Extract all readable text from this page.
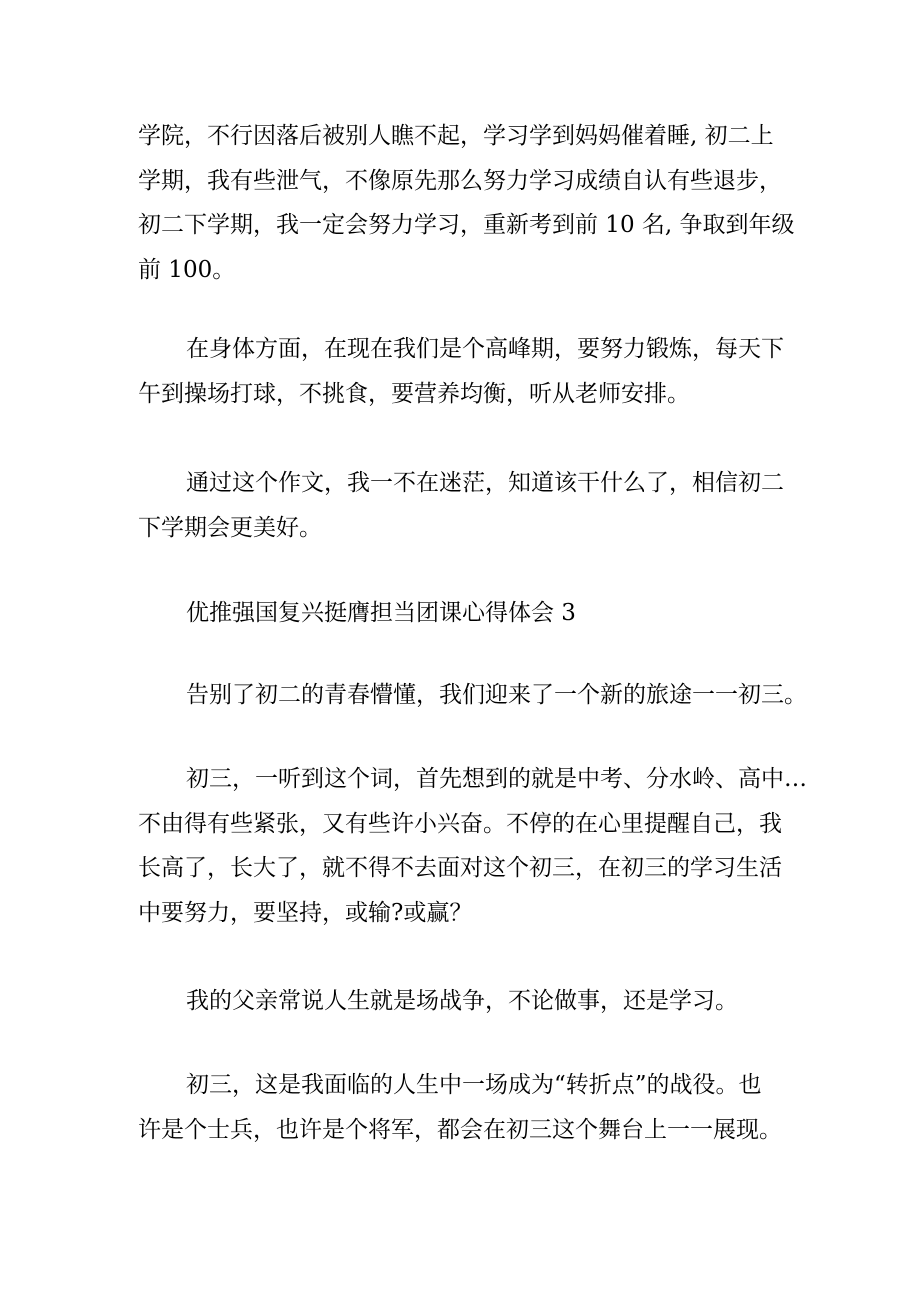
学院，不行因落后被别人瞧不起，学习学到妈妈催着睡, 初二上
学期，我有些泄气，不像原先那么努力学习成绩自认有些退步，
初二下学期，我一定会努力学习，重新考到前 10 名, 争取到年级
前 100。
在身体方面，在现在我们是个高峰期，要努力锻炼，每天下
午到操场打球，不挑食，要营养均衡，听从老师安排。
通过这个作文，我一不在迷茫，知道该干什么了，相信初二
下学期会更美好。
优推强国复兴挺膺担当团课心得体会 3
告别了初二的青春懵懂，我们迎来了一个新的旅途一一初三。
初三，一听到这个词，首先想到的就是中考、分水岭、高中…
不由得有些紧张，又有些许小兴奋。不停的在心里提醒自己，我
长高了，长大了，就不得不去面对这个初三，在初三的学习生活
中要努力，要坚持，或输?或赢？
我的父亲常说人生就是场战争，不论做事，还是学习。
初三，这是我面临的人生中一场成为“转折点”的战役。也
许是个士兵，也许是个将军，都会在初三这个舞台上一一展现。
